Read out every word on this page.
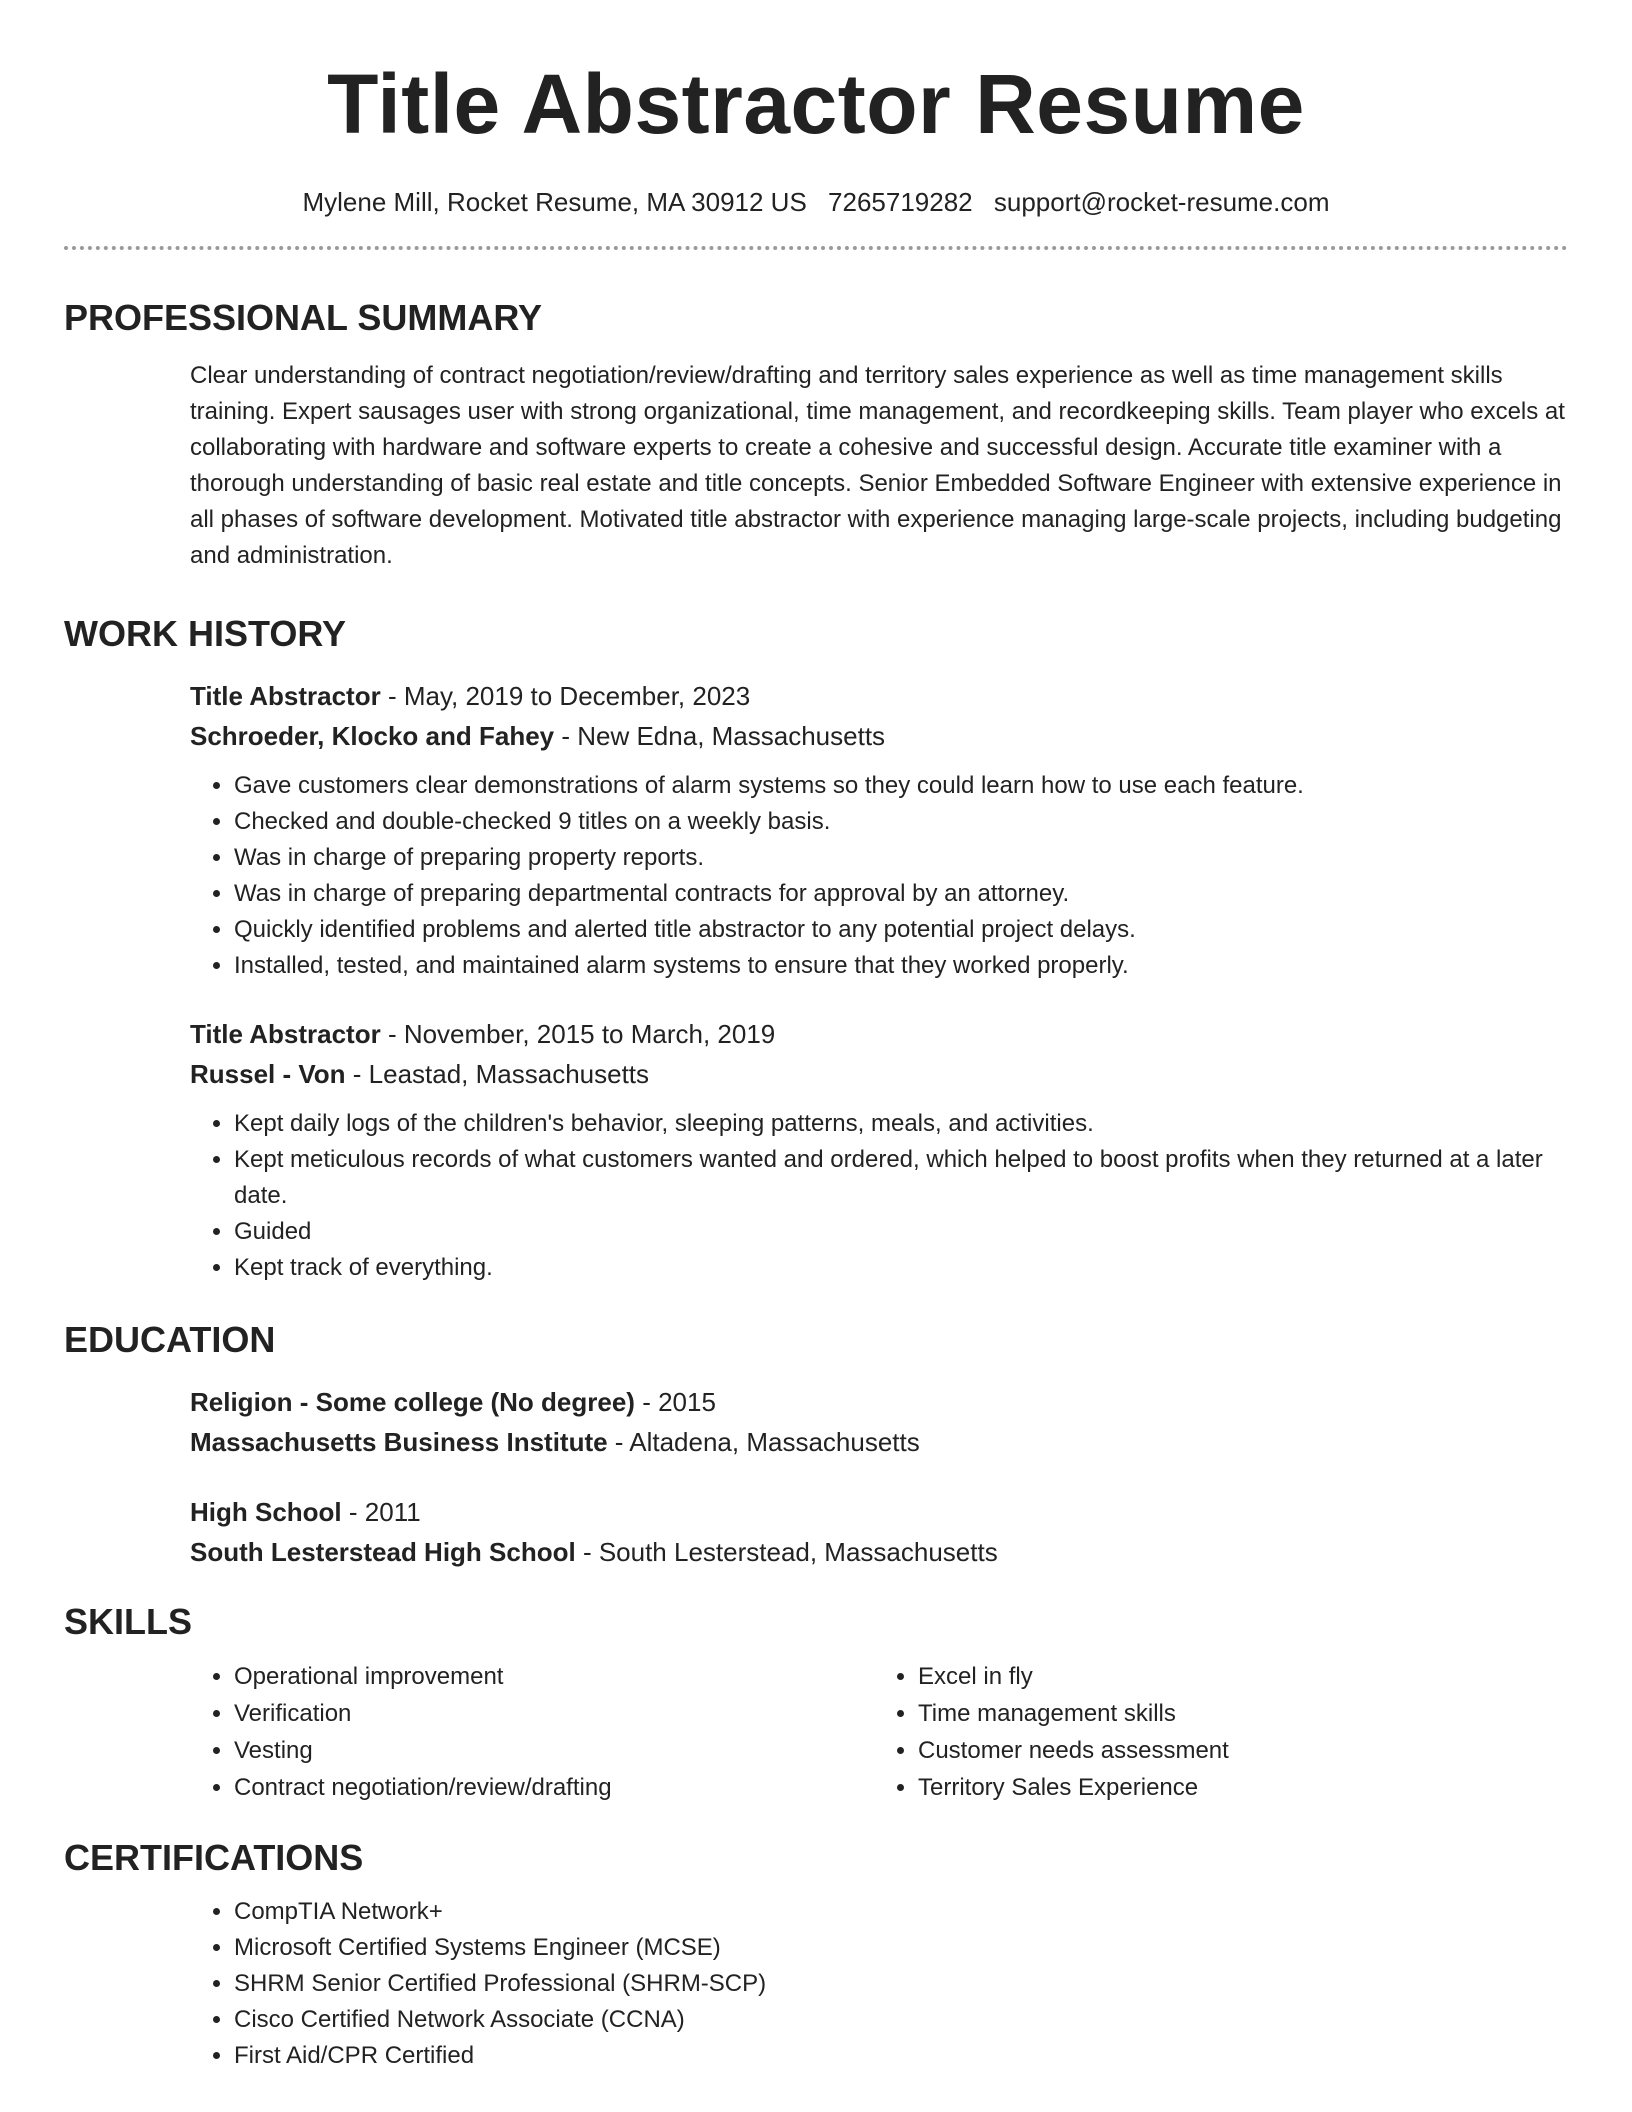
Title Abstractor Resume
Mylene Mill, Rocket Resume, MA 30912 US 7265719282 support@rocket-resume.com
PROFESSIONAL SUMMARY

Clear understanding of contract negotiation/review/drafting and territory sales experience as well as time management skills training. Expert sausages user with strong organizational, time management, and recordkeeping skills. Team player who excels at collaborating with hardware and software experts to create a cohesive and successful design. Accurate title examiner with a thorough understanding of basic real estate and title concepts. Senior Embedded Software Engineer with extensive experience in all phases of software development. Motivated title abstractor with experience managing large-scale projects, including budgeting and administration.

WORK HISTORY
Title Abstractor - May, 2019 to December, 2023
Schroeder, Klocko and Fahey - New Edna, Massachusetts
• Gave customers clear demonstrations of alarm systems so they could learn how to use each feature.
• Checked and double-checked 9 titles on a weekly basis.
• Was in charge of preparing property reports.
• Was in charge of preparing departmental contracts for approval by an attorney.
• Quickly identified problems and alerted title abstractor to any potential project delays.
• Installed, tested, and maintained alarm systems to ensure that they worked properly.
Title Abstractor - November, 2015 to March, 2019
Russel - Von - Leastad, Massachusetts
• Kept daily logs of the children's behavior, sleeping patterns, meals, and activities.
• Kept meticulous records of what customers wanted and ordered, which helped to boost profits when they returned at a later date.
• Guided
• Kept track of everything.
EDUCATION
Religion - Some college (No degree) - 2015
Massachusetts Business Institute - Altadena, Massachusetts
High School - 2011
South Lesterstead High School - South Lesterstead, Massachusetts
SKILLS
• Operational improvement
• Verification
• Vesting
• Contract negotiation/review/drafting
• Excel in fly
• Time management skills
• Customer needs assessment
• Territory Sales Experience
CERTIFICATIONS
• CompTIA Network+
• Microsoft Certified Systems Engineer (MCSE)
• SHRM Senior Certified Professional (SHRM-SCP)
• Cisco Certified Network Associate (CCNA)
• First Aid/CPR Certified
